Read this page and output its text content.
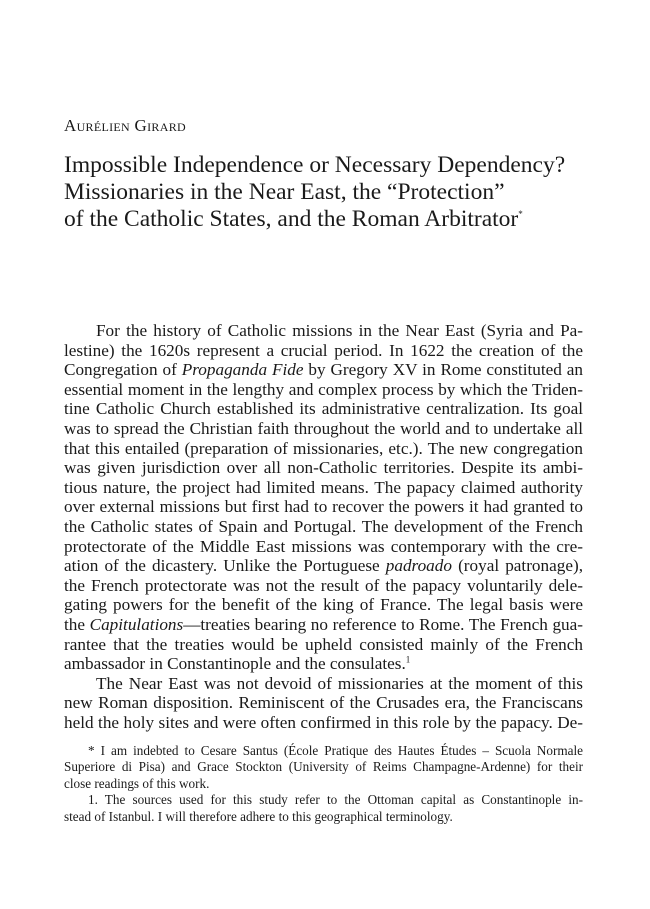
Aurélien Girard
Impossible Independence or Necessary Dependency?
Missionaries in the Near East, the “Protection”
of the Catholic States, and the Roman Arbitrator*
For the history of Catholic missions in the Near East (Syria and Pa-
lestine) the 1620s represent a crucial period. In 1622 the creation of the
Congregation of Propaganda Fide by Gregory XV in Rome constituted an
essential moment in the lengthy and complex process by which the Triden-
tine Catholic Church established its administrative centralization. Its goal
was to spread the Christian faith throughout the world and to undertake all
that this entailed (preparation of missionaries, etc.). The new congregation
was given jurisdiction over all non-Catholic territories. Despite its ambi-
tious nature, the project had limited means. The papacy claimed authority
over external missions but first had to recover the powers it had granted to
the Catholic states of Spain and Portugal. The development of the French
protectorate of the Middle East missions was contemporary with the cre-
ation of the dicastery. Unlike the Portuguese padroado (royal patronage),
the French protectorate was not the result of the papacy voluntarily dele-
gating powers for the benefit of the king of France. The legal basis were
the Capitulations—treaties bearing no reference to Rome. The French gua-
rantee that the treaties would be upheld consisted mainly of the French
ambassador in Constantinople and the consulates.$^1$
The Near East was not devoid of missionaries at the moment of this
new Roman disposition. Reminiscent of the Crusades era, the Franciscans
held the holy sites and were often confirmed in this role by the papacy. De-
* I am indebted to Cesare Santus (École Pratique des Hautes Études – Scuola Normale
Superiore di Pisa) and Grace Stockton (University of Reims Champagne-Ardenne) for their
close readings of this work.
1. The sources used for this study refer to the Ottoman capital as Constantinople in-
stead of Istanbul. I will therefore adhere to this geographical terminology.
